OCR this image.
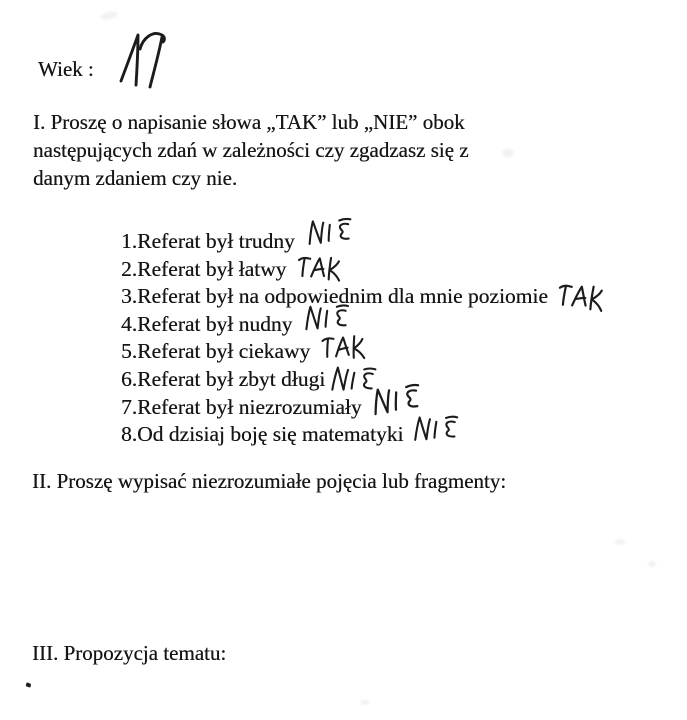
Wiek :
I. Proszę o napisanie słowa „TAK” lub „NIE” obok
następujących zdań w zależności czy zgadzasz się z
danym zdaniem czy nie.
1.Referat był trudny
2.Referat był łatwy
3.Referat był na odpowiednim dla mnie poziomie
4.Referat był nudny
5.Referat był ciekawy
6.Referat był zbyt długi
7.Referat był niezrozumiały
8.Od dzisiaj boję się matematyki
II. Proszę wypisać niezrozumiałe pojęcia lub fragmenty:
III. Propozycja tematu:
